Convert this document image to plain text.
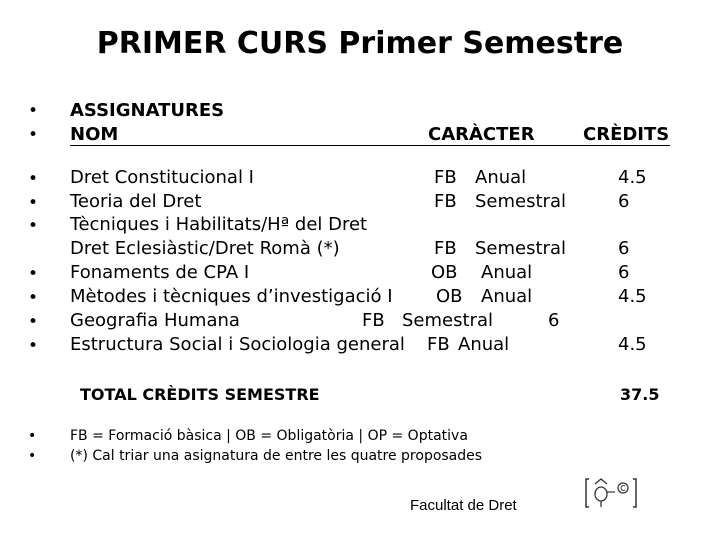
PRIMER CURS Primer Semestre
• ASSIGNATURES
• NOM	CARÀCTER	CRÈDITS
• Dret Constitucional I	FB Anual	4.5
• Teoria del Dret	FB Semestral	6
• Tècniques i Habilitats/Hª del Dret
Dret Eclesiàstic/Dret Romà (*)	FB Semestral	6
• Fonaments de CPA I	OB Anual	6
• Mètodes i tècniques d’investigació I OB Anual	4.5
• Geografia Humana	FB Semestral	6
• Estructura Social i Sociologia general FB Anual	4.5
TOTAL CRÈDITS SEMESTRE	37.5
• FB = Formació bàsica | OB = Obligatòria | OP = Optativa
• (*) Cal triar una asignatura de entre les quatre proposades
Facultat de Dret
